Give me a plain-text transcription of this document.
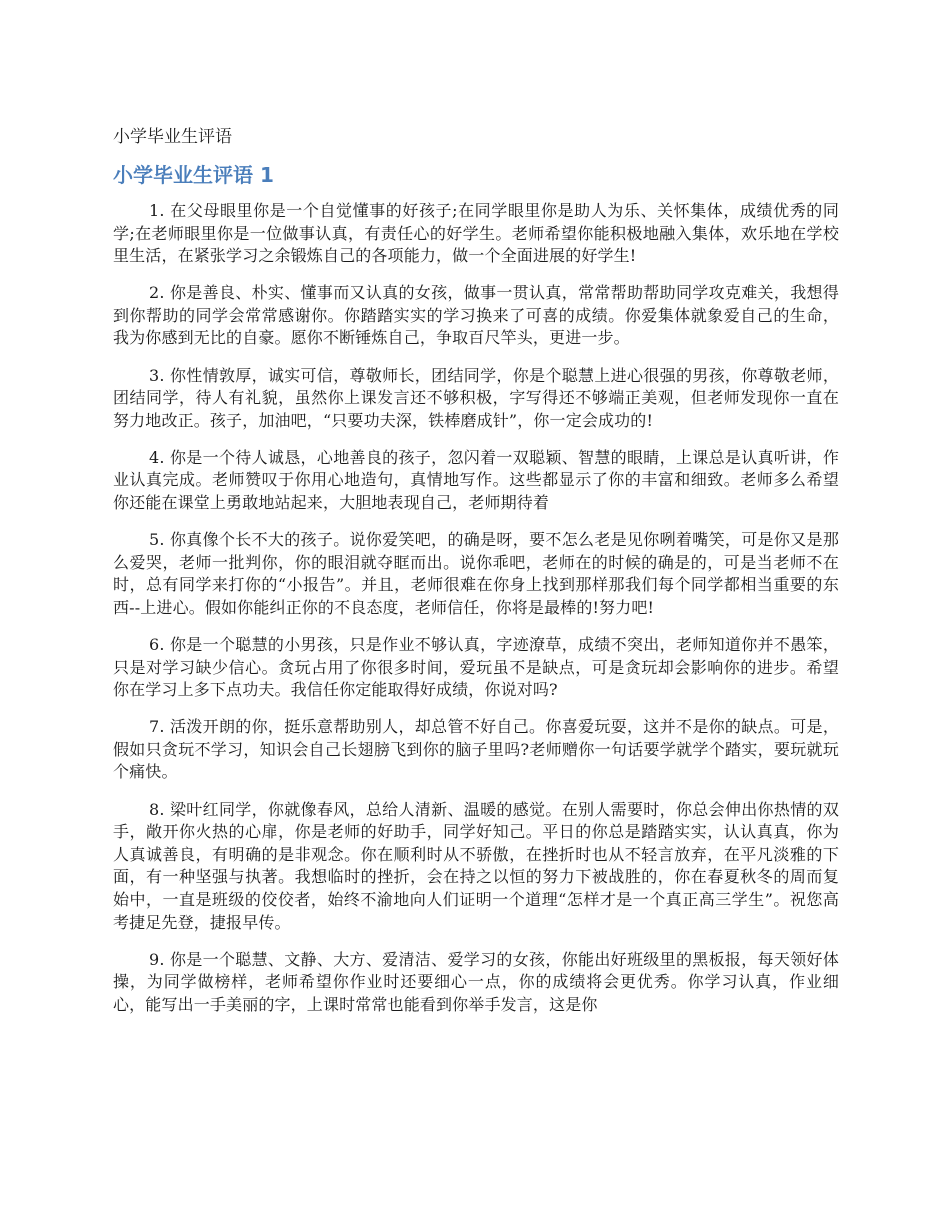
小学毕业生评语
小学毕业生评语 1

1. 在父母眼里你是一个自觉懂事的好孩子;在同学眼里你是助人为乐、关怀集体，成绩优秀的同学;在老师眼里你是一位做事认真，有责任心的好学生。老师希望你能积极地融入集体，欢乐地在学校里生活，在紧张学习之余锻炼自己的各项能力，做一个全面进展的好学生!

2. 你是善良、朴实、懂事而又认真的女孩，做事一贯认真，常常帮助帮助同学攻克难关，我想得到你帮助的同学会常常感谢你。你踏踏实实的学习换来了可喜的成绩。你爱集体就象爱自己的生命，我为你感到无比的自豪。愿你不断锤炼自己，争取百尺竿头，更进一步。

3. 你性情敦厚，诚实可信，尊敬师长，团结同学，你是个聪慧上进心很强的男孩，你尊敬老师，团结同学，待人有礼貌，虽然你上课发言还不够积极，字写得还不够端正美观，但老师发现你一直在努力地改正。孩子，加油吧，“只要功夫深，铁棒磨成针”，你一定会成功的!

4. 你是一个待人诚恳，心地善良的孩子，忽闪着一双聪颖、智慧的眼睛，上课总是认真听讲，作业认真完成。老师赞叹于你用心地造句，真情地写作。这些都显示了你的丰富和细致。老师多么希望你还能在课堂上勇敢地站起来，大胆地表现自己，老师期待着

5. 你真像个长不大的孩子。说你爱笑吧，的确是呀，要不怎么老是见你咧着嘴笑，可是你又是那么爱哭，老师一批判你，你的眼泪就夺眶而出。说你乖吧，老师在的时候的确是的，可是当老师不在时，总有同学来打你的“小报告”。并且，老师很难在你身上找到那样那我们每个同学都相当重要的东西--上进心。假如你能纠正你的不良态度，老师信任，你将是最棒的!努力吧!

6. 你是一个聪慧的小男孩，只是作业不够认真，字迹潦草，成绩不突出，老师知道你并不愚笨，只是对学习缺少信心。贪玩占用了你很多时间，爱玩虽不是缺点，可是贪玩却会影响你的进步。希望你在学习上多下点功夫。我信任你定能取得好成绩，你说对吗?

7. 活泼开朗的你，挺乐意帮助别人，却总管不好自己。你喜爱玩耍，这并不是你的缺点。可是，假如只贪玩不学习，知识会自己长翅膀飞到你的脑子里吗?老师赠你一句话要学就学个踏实，要玩就玩个痛快。

8. 梁叶红同学，你就像春风，总给人清新、温暖的感觉。在别人需要时，你总会伸出你热情的双手，敞开你火热的心扉，你是老师的好助手，同学好知己。平日的你总是踏踏实实，认认真真，你为人真诚善良，有明确的是非观念。你在顺利时从不骄傲，在挫折时也从不轻言放弃，在平凡淡雅的下面，有一种坚强与执著。我想临时的挫折，会在持之以恒的努力下被战胜的，你在春夏秋冬的周而复始中，一直是班级的佼佼者，始终不渝地向人们证明一个道理“怎样才是一个真正高三学生”。祝您高考捷足先登，捷报早传。

9. 你是一个聪慧、文静、大方、爱清洁、爱学习的女孩，你能出好班级里的黑板报，每天领好体操，为同学做榜样，老师希望你作业时还要细心一点，你的成绩将会更优秀。你学习认真，作业细心，能写出一手美丽的字，上课时常常也能看到你举手发言，这是你
